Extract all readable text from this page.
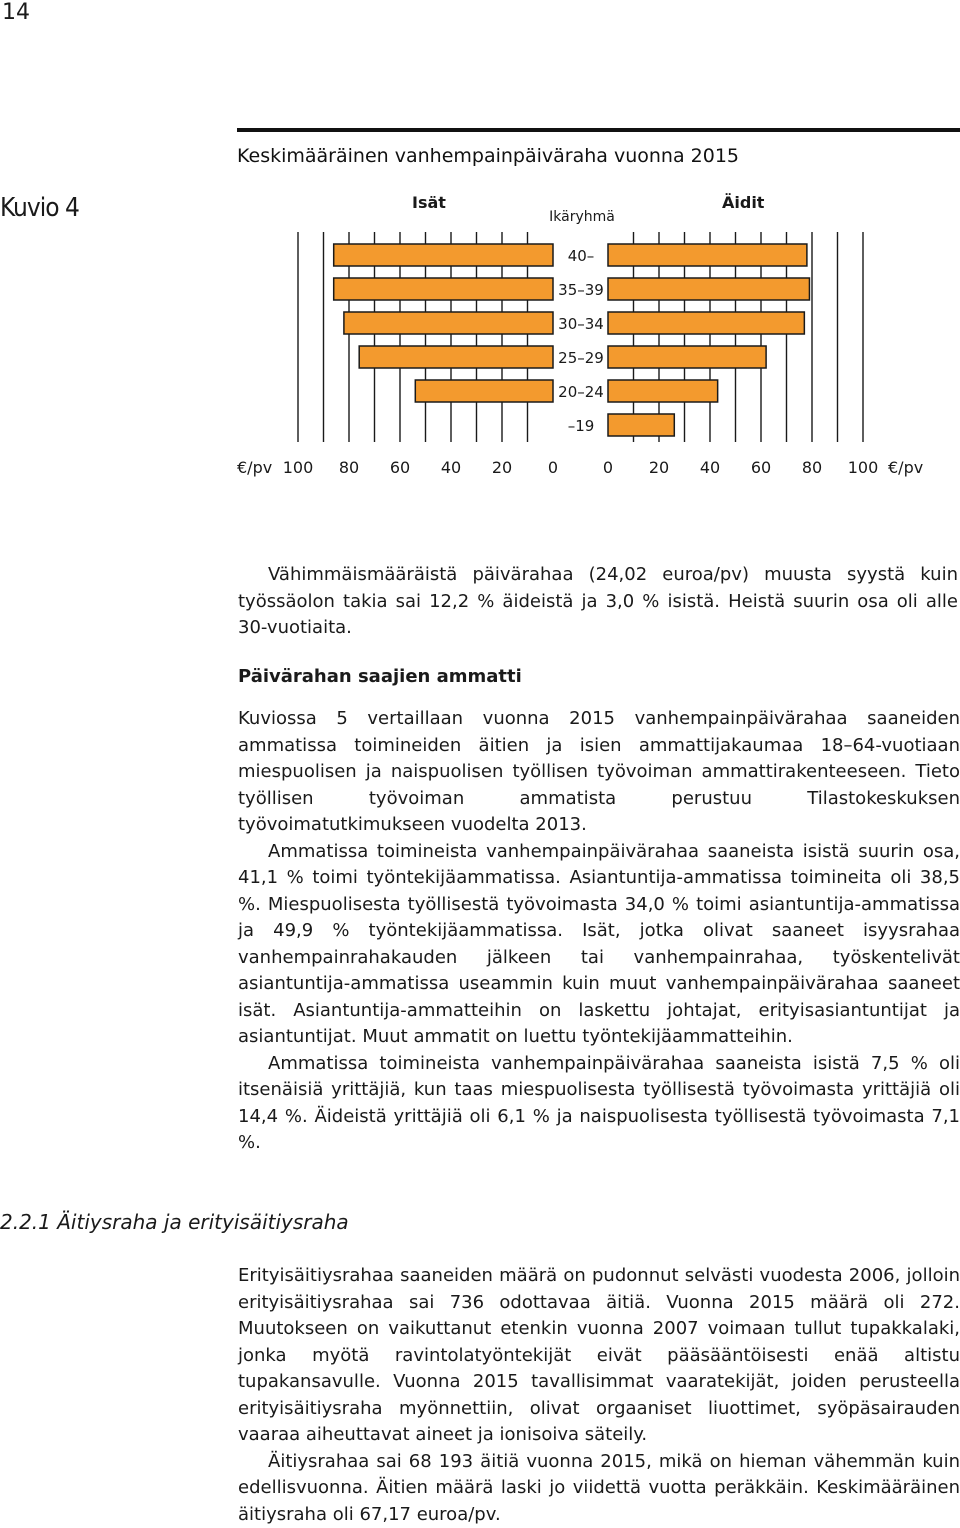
14
Keskimääräinen vanhempainpäiväraha vuonna 2015
Kuvio 4
40–
35–39
30–34
25–29
20–24
–19
Isät	Äidit
Ikäryhmä
€/pv 100 80 60 40 20 0	0 20 40 60 80 100 €/pv

Vähimmäismääräistä päivärahaa (24,02 euroa/pv) muusta syystä kuin työssäolon takia sai 12,2 % äideistä ja 3,0 % isistä. Heistä suurin osa oli alle 30-vuotiaita.

Päivärahan saajien ammatti

Kuviossa 5 vertaillaan vuonna 2015 vanhempainpäivärahaa saaneiden ammatissa toimineiden äitien ja isien ammattijakaumaa 18–64-vuotiaan miespuolisen ja naispuolisen työllisen työvoiman ammattirakenteeseen. Tieto työllisen työvoiman ammatista perustuu Tilastokeskuksen työvoimatutkimukseen vuodelta 2013.

Ammatissa toimineista vanhempainpäivärahaa saaneista isistä suurin osa, 41,1 % toimi työntekijäammatissa. Asiantuntija-ammatissa toimineita oli 38,5 %. Miespuolisesta työllisestä työvoimasta 34,0 % toimi asiantuntija-ammatissa ja 49,9 % työntekijäammatissa. Isät, jotka olivat saaneet isyysrahaa vanhempainrahakauden jälkeen tai vanhempainrahaa, työskentelivät asiantuntija-ammatissa useammin kuin muut vanhempainpäivärahaa saaneet isät. Asiantuntija-ammatteihin on laskettu johtajat, erityisasiantuntijat ja asiantuntijat. Muut ammatit on luettu työntekijäammatteihin.

Ammatissa toimineista vanhempainpäivärahaa saaneista isistä 7,5 % oli itsenäisiä yrittäjiä, kun taas miespuolisesta työllisestä työvoimasta yrittäjiä oli 14,4 %. Äideistä yrittäjiä oli 6,1 % ja naispuolisesta työllisestä työvoimasta 7,1 %.

2.2.1 Äitiysraha ja erityisäitiysraha

Erityisäitiysrahaa saaneiden määrä on pudonnut selvästi vuodesta 2006, jolloin erityisäitiysrahaa sai 736 odottavaa äitiä. Vuonna 2015 määrä oli 272. Muutokseen on vaikuttanut etenkin vuonna 2007 voimaan tullut tupakkalaki, jonka myötä ravintolatyöntekijät eivät pääsääntöisesti enää altistu tupakansavulle. Vuonna 2015 tavallisimmat vaaratekijät, joiden perusteella erityisäitiysraha myönnettiin, olivat orgaaniset liuottimet, syöpäsairauden vaaraa aiheuttavat aineet ja ionisoiva säteily.

Äitiysrahaa sai 68 193 äitiä vuonna 2015, mikä on hieman vähemmän kuin edellisvuonna. Äitien määrä laski jo viidettä vuotta peräkkäin. Keskimääräinen äitiysraha oli 67,17 euroa/pv.
